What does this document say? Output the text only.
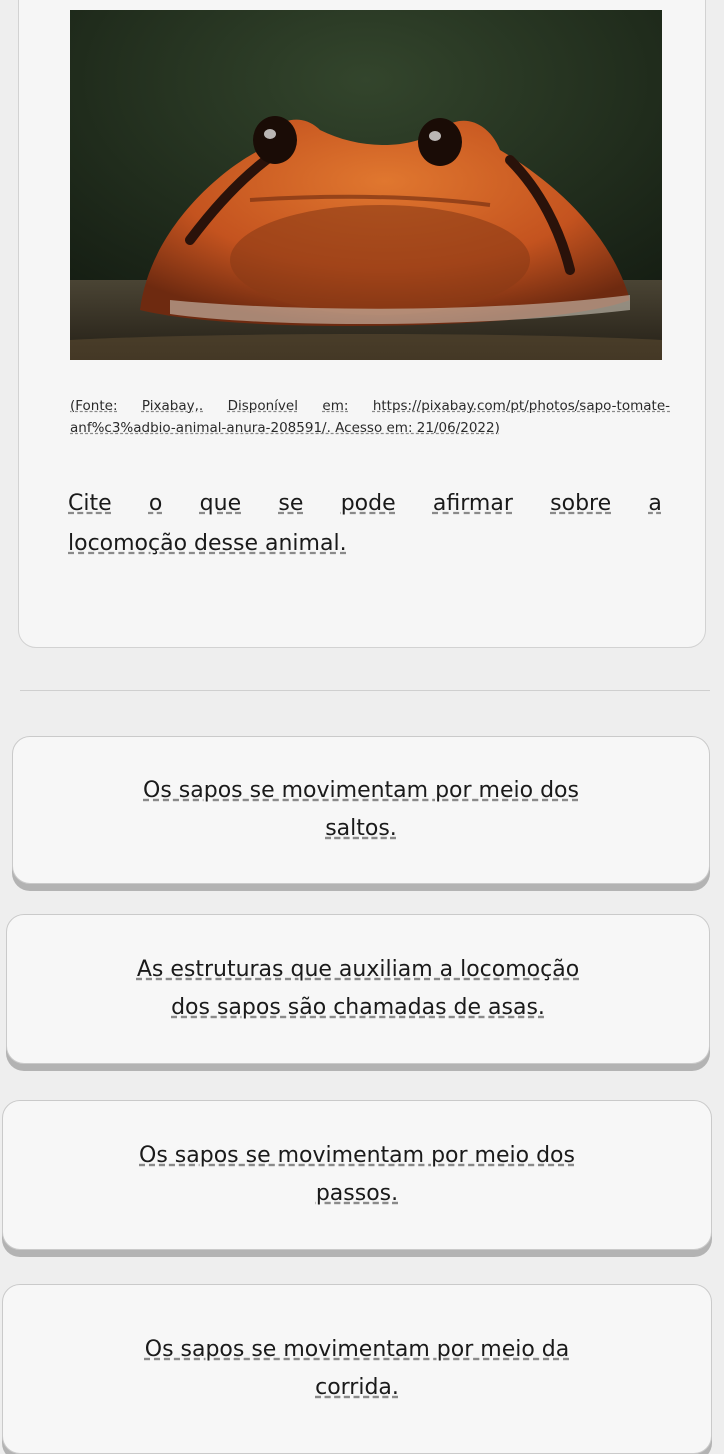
(Fonte: Pixabay,. Disponível em: https://pixabay.com/pt/photos/sapo-tomate-
anf%c3%adbio-animal-anura-208591/. Acesso em: 21/06/2022)
Cite o que se pode afirmar sobre a
locomoção desse animal.
Os sapos se movimentam por meio dos
saltos.
As estruturas que auxiliam a locomoção
dos sapos são chamadas de asas.
Os sapos se movimentam por meio dos
passos.
Os sapos se movimentam por meio da
corrida.
